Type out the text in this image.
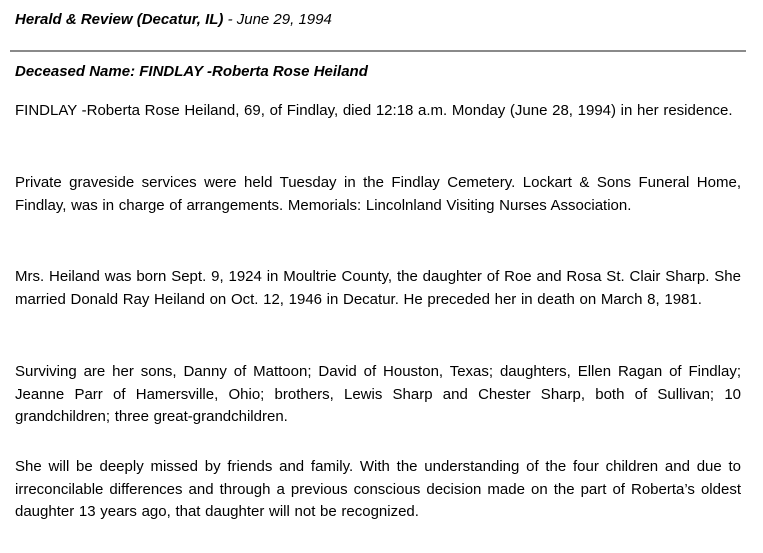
Herald & Review (Decatur, IL) - June 29, 1994
Deceased Name: FINDLAY -Roberta Rose Heiland

FINDLAY -Roberta Rose Heiland, 69, of Findlay, died 12:18 a.m. Monday (June 28, 1994) in her residence.

Private graveside services were held Tuesday in the Findlay Cemetery. Lockart & Sons Funeral Home, Findlay, was in charge of arrangements. Memorials: Lincolnland Visiting Nurses Association.

Mrs. Heiland was born Sept. 9, 1924 in Moultrie County, the daughter of Roe and Rosa St. Clair Sharp. She married Donald Ray Heiland on Oct. 12, 1946 in Decatur. He preceded her in death on March 8, 1981.

Surviving are her sons, Danny of Mattoon; David of Houston, Texas; daughters, Ellen Ragan of Findlay; Jeanne Parr of Hamersville, Ohio; brothers, Lewis Sharp and Chester Sharp, both of Sullivan; 10 grandchildren; three great-grandchildren.

She will be deeply missed by friends and family. With the understanding of the four children and due to irreconcilable differences and through a previous conscious decision made on the part of Roberta’s oldest daughter 13 years ago, that daughter will not be recognized.
